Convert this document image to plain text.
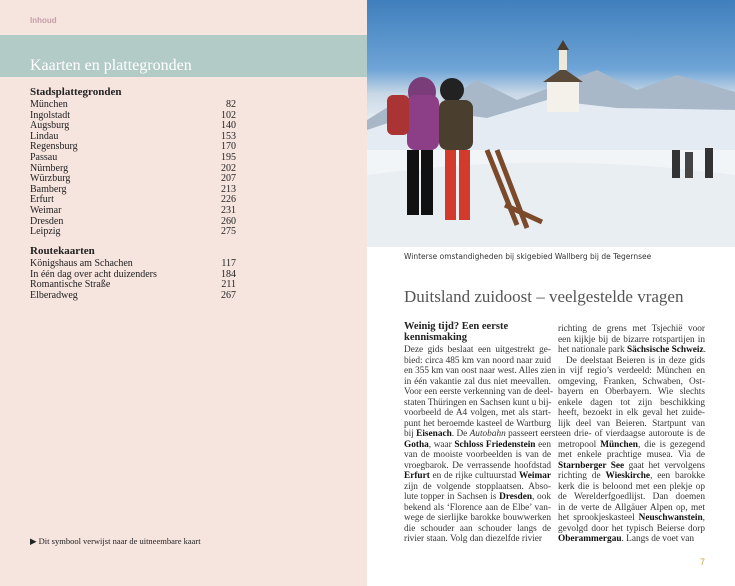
Inhoud
Kaarten en plattegronden
Stadsplattegronden
München	82
Ingolstadt	102
Augsburg	140
Lindau	153
Regensburg	170
Passau	195
Nürnberg	202
Würzburg	207
Bamberg	213
Erfurt	226
Weimar	231
Dresden	260
Leipzig	275
Routekaarten
Königshaus am Schachen	117
In één dag over acht duizenders	184
Romantische Straße	211
Elberadweg	267
▶ Dit symbool verwijst naar de uitneembare kaart
Winterse omstandigheden bij skigebied Wallberg bij de Tegernsee
Duitsland zuidoost – veelgestelde vragen
Weinig tijd? Een eerste
kennismaking
Deze gids beslaat een uitgestrekt ge-
bied: circa 485 km van noord naar zuid
en 355 km van oost naar west. Alles zien
in één vakantie zal dus niet meevallen.
Voor een eerste verkenning van de deel-
staten Thüringen en Sachsen kunt u bij-
voorbeeld de A4 volgen, met als start-
punt het beroemde kasteel de Wartburg
bij Eisenach. De Autobahn passeert eerst
Gotha, waar Schloss Friedenstein een
van de mooiste voorbeelden is van de
vroegbarok. De verrassende hoofdstad
Erfurt en de rijke cultuurstad Weimar
zijn de volgende stopplaatsen. Abso-
lute topper in Sachsen is Dresden, ook
bekend als ‘Florence aan de Elbe’ van-
wege de sierlijke barokke bouwwerken
die schouder aan schouder langs de
rivier staan. Volg dan diezelfde rivier
richting de grens met Tsjechië voor
een kijkje bij de bizarre rotspartijen in
het nationale park Sächsische Schweiz.
De deelstaat Beieren is in deze gids
in vijf regio’s verdeeld: München en
omgeving, Franken, Schwaben, Ost-
bayern en Oberbayern. Wie slechts
enkele dagen tot zijn beschikking
heeft, bezoekt in elk geval het zuide-
lijk deel van Beieren. Startpunt van
een drie- of vierdaagse autoroute is de
metropool München, die is gezegend
met enkele prachtige musea. Via de
Starnberger See gaat het vervolgens
richting de Wieskirche, een barokke
kerk die is beloond met een plekje op
de Werelderfgoedlijst. Dan doemen
in de verte de Allgäuer Alpen op, met
het sprookjeskasteel Neuschwanstein,
gevolgd door het typisch Beierse dorp
Oberammergau. Langs de voet van
7
